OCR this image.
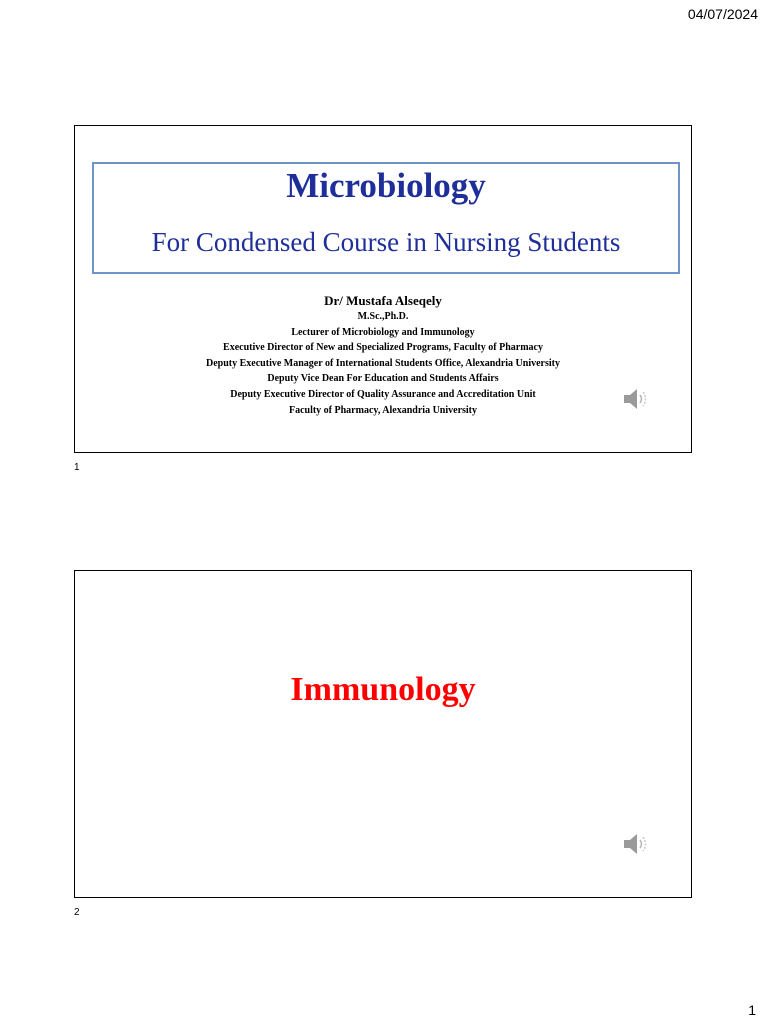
04/07/2024
Microbiology
For Condensed Course in Nursing Students
Dr/ Mustafa Alseqely
M.Sc.,Ph.D.
Lecturer of Microbiology and Immunology
Executive Director of New and Specialized Programs, Faculty of Pharmacy
Deputy Executive Manager of International Students Office, Alexandria University
Deputy Vice Dean For Education and Students Affairs
Deputy Executive Director of Quality Assurance and Accreditation Unit
Faculty of Pharmacy, Alexandria University
1
Immunology
2
1
